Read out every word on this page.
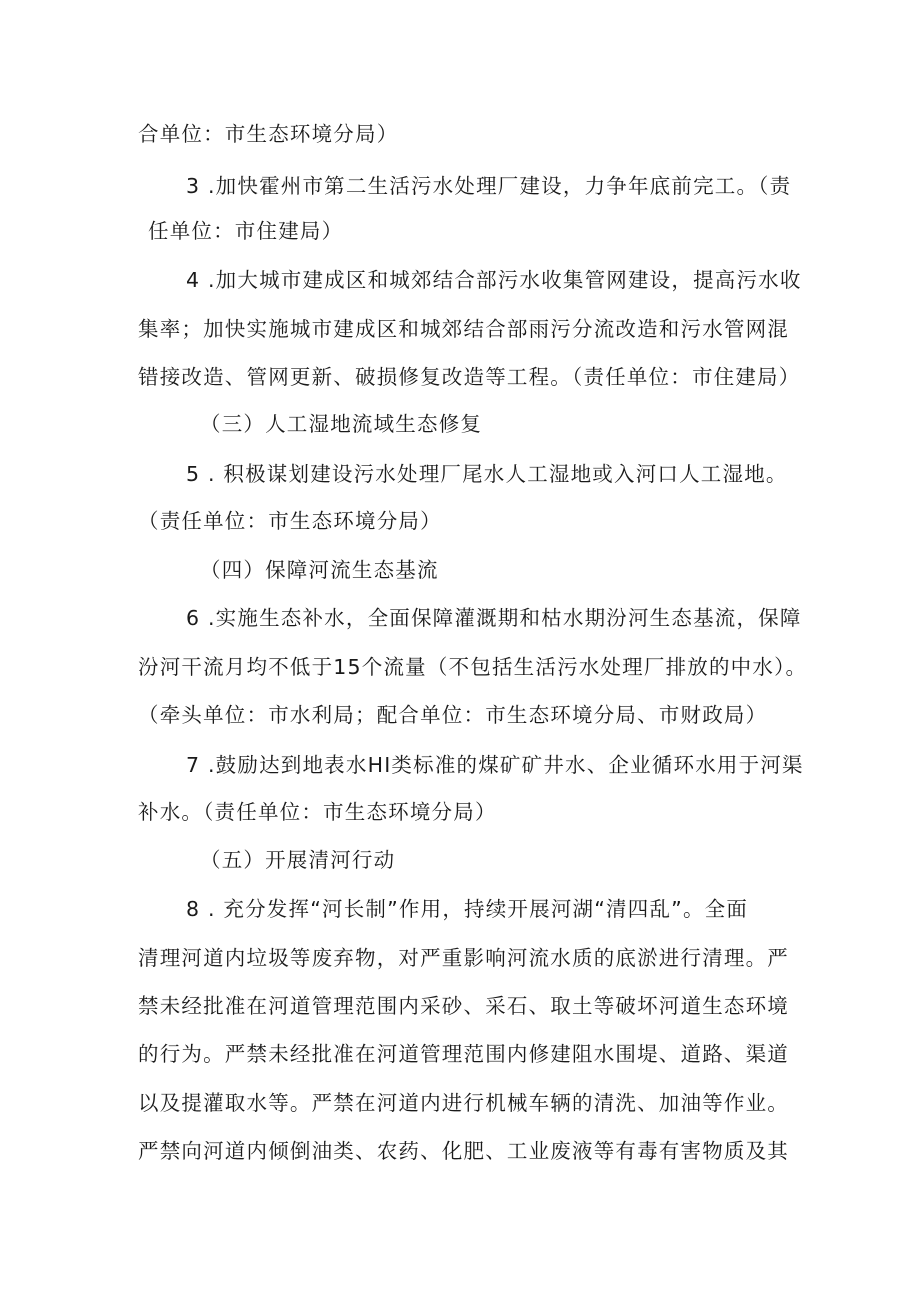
合单位：市生态环境分局）
3 .加快霍州市第二生活污水处理厂建设，力争年底前完工。（责
任单位：市住建局）
4 .加大城市建成区和城郊结合部污水收集管网建设，提高污水收
集率；加快实施城市建成区和城郊结合部雨污分流改造和污水管网混
错接改造、管网更新、破损修复改造等工程。（责任单位：市住建局）
（三）人工湿地流域生态修复
5 . 积极谋划建设污水处理厂尾水人工湿地或入河口人工湿地。
（责任单位：市生态环境分局）
（四）保障河流生态基流
6 .实施生态补水，全面保障灌溉期和枯水期汾河生态基流，保障
汾河干流月均不低于15个流量（不包括生活污水处理厂排放的中水）。
（牵头单位：市水利局；配合单位：市生态环境分局、市财政局）
7 .鼓励达到地表水HI类标准的煤矿矿井水、企业循环水用于河渠
补水。（责任单位：市生态环境分局）
（五）开展清河行动
8 . 充分发挥“河长制”作用，持续开展河湖“清四乱”。全面
清理河道内垃圾等废弃物，对严重影响河流水质的底淤进行清理。严
禁未经批准在河道管理范围内采砂、采石、取土等破坏河道生态环境
的行为。严禁未经批准在河道管理范围内修建阻水围堤、道路、渠道
以及提灌取水等。严禁在河道内进行机械车辆的清洗、加油等作业。
严禁向河道内倾倒油类、农药、化肥、工业废液等有毒有害物质及其
